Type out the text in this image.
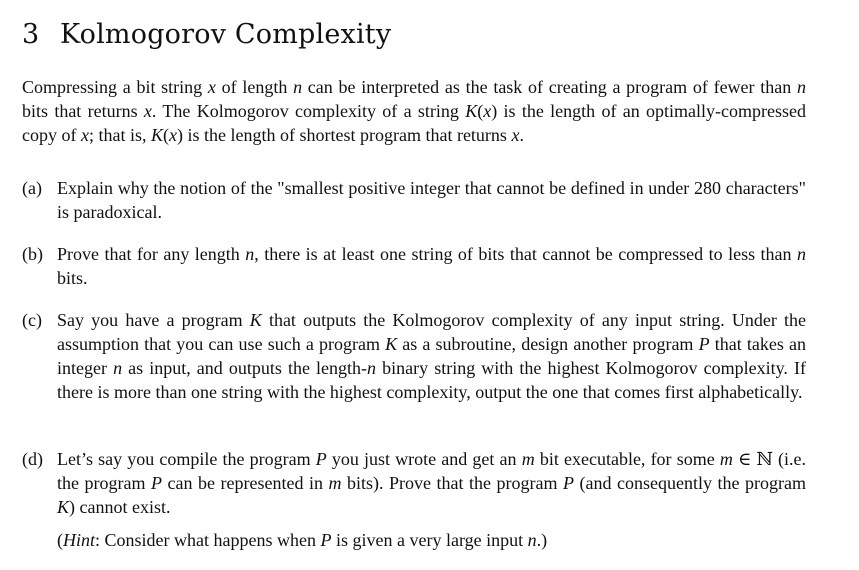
3 Kolmogorov Complexity
Compressing a bit string x of length n can be interpreted as the task of creating a program of fewer than n bits that returns x. The Kolmogorov complexity of a string K(x) is the length of an optimally-compressed copy of x; that is, K(x) is the length of shortest program that returns x.
(a) Explain why the notion of the "smallest positive integer that cannot be defined in under 280 characters" is paradoxical.
(b) Prove that for any length n, there is at least one string of bits that cannot be compressed to less than n bits.
(c) Say you have a program K that outputs the Kolmogorov complexity of any input string. Under the assumption that you can use such a program K as a subroutine, design another program P that takes an integer n as input, and outputs the length-n binary string with the highest Kolmogorov complexity. If there is more than one string with the highest complexity, output the one that comes first alphabetically.
(d) Let’s say you compile the program P you just wrote and get an m bit executable, for some m ∈ ℕ (i.e. the program P can be represented in m bits). Prove that the program P (and consequently the program K) cannot exist.
(Hint: Consider what happens when P is given a very large input n.)
